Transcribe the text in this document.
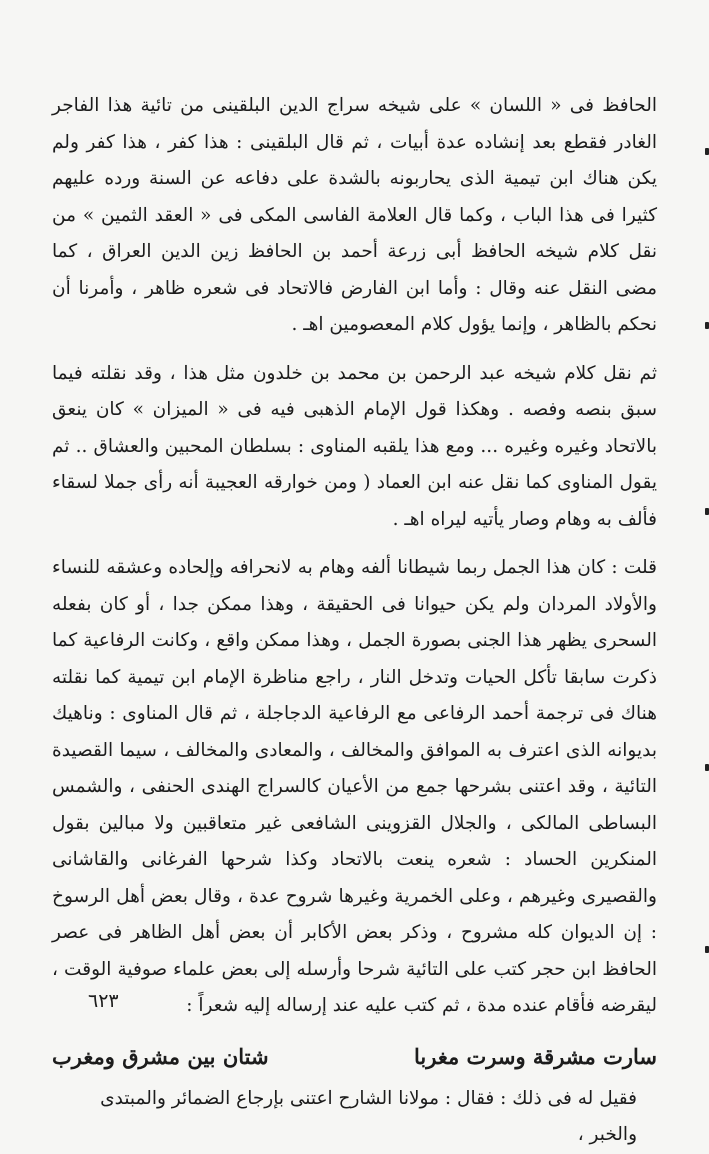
الحافظ فى « اللسان » على شيخه سراج الدين البلقينى من تائية هذا الفاجر الغادر فقطع بعد إنشاده عدة أبيات ، ثم قال البلقينى : هذا كفر ، هذا كفر ولم يكن هناك ابن تيمية الذى يحاربونه بالشدة على دفاعه عن السنة ورده عليهم كثيرا فى هذا الباب ، وكما قال العلامة الفاسى المكى فى « العقد الثمين » من نقل كلام شيخه الحافظ أبى زرعة أحمد بن الحافظ زين الدين العراق ، كما مضى النقل عنه وقال : وأما ابن الفارض فالاتحاد فى شعره ظاهر ، وأمرنا أن نحكم بالظاهر ، وإنما يؤول كلام المعصومين اهـ .

ثم نقل كلام شيخه عبد الرحمن بن محمد بن خلدون مثل هذا ، وقد نقلته فيما سبق بنصه وفصه . وهكذا قول الإمام الذهبى فيه فى « الميزان » كان ينعق بالاتحاد وغيره وغيره ... ومع هذا يلقبه المناوى : بسلطان المحبين والعشاق .. ثم يقول المناوى كما نقل عنه ابن العماد ( ومن خوارقه العجيبة أنه رأى جملا لسقاء فألف به وهام وصار يأتيه ليراه اهـ .

قلت : كان هذا الجمل ربما شيطانا ألفه وهام به لانحرافه وإلحاده وعشقه للنساء والأولاد المردان ولم يكن حيوانا فى الحقيقة ، وهذا ممكن جدا ، أو كان بفعله السحرى يظهر هذا الجنى بصورة الجمل ، وهذا ممكن واقع ، وكانت الرفاعية كما ذكرت سابقا تأكل الحيات وتدخل النار ، راجع مناظرة الإمام ابن تيمية كما نقلته هناك فى ترجمة أحمد الرفاعى مع الرفاعية الدجاجلة ، ثم قال المناوى : وناهيك بديوانه الذى اعترف به الموافق والمخالف ، والمعادى والمخالف ، سيما القصيدة التائية ، وقد اعتنى بشرحها جمع من الأعيان كالسراج الهندى الحنفى ، والشمس البساطى المالكى ، والجلال القزوينى الشافعى غير متعاقبين ولا مبالين بقول المنكرين الحساد : شعره ينعت بالاتحاد وكذا شرحها الفرغانى والقاشانى والقصيرى وغيرهم ، وعلى الخمرية وغيرها شروح عدة ، وقال بعض أهل الرسوخ : إن الديوان كله مشروح ، وذكر بعض الأكابر أن بعض أهل الظاهر فى عصر الحافظ ابن حجر كتب على التائية شرحا وأرسله إلى بعض علماء صوفية الوقت ، ليقرضه فأقام عنده مدة ، ثم كتب عليه عند إرساله إليه شعراً :

سارت مشرقة وسرت مغربا
شتان بين مشرق ومغرب

فقيل له فى ذلك : فقال : مولانا الشارح اعتنى بإرجاع الضمائر والمبتدى والخبر ،

٦٢٣
